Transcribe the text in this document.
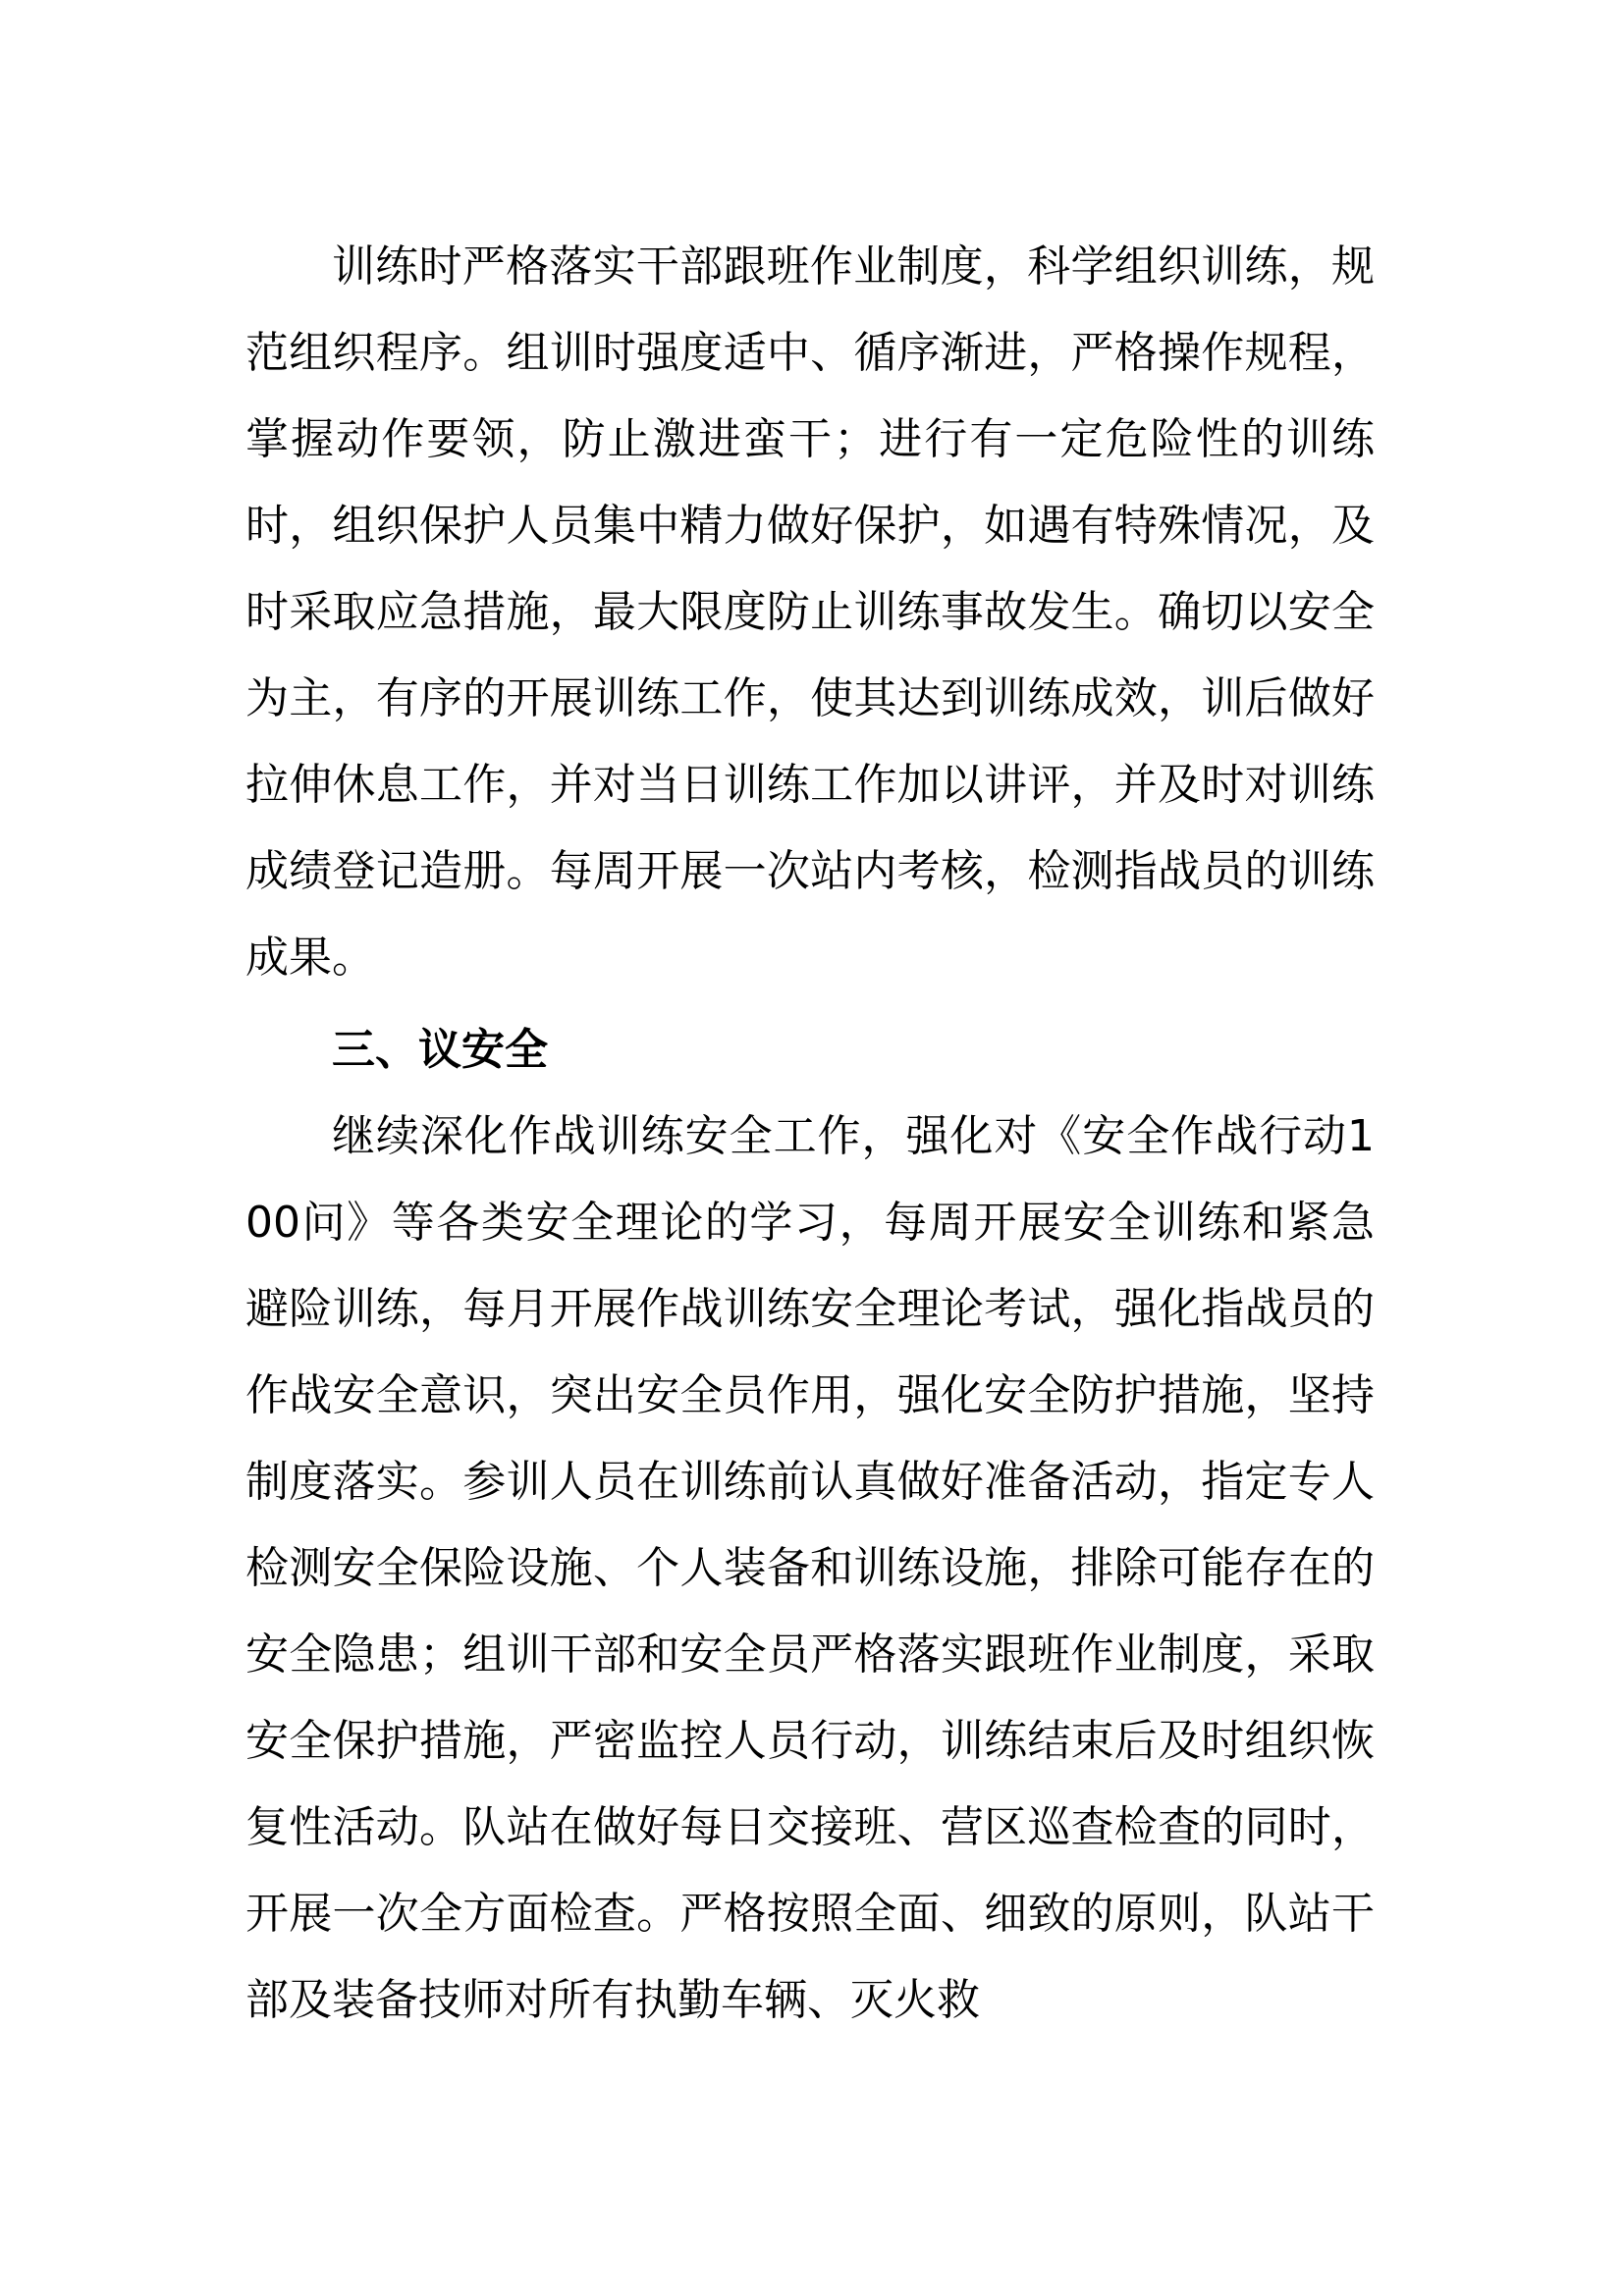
训练时严格落实干部跟班作业制度，科学组织训练，规范组织程序。组训时强度适中、循序渐进，严格操作规程，掌握动作要领，防止激进蛮干；进行有一定危险性的训练时，组织保护人员集中精力做好保护，如遇有特殊情况，及时采取应急措施，最大限度防止训练事故发生。确切以安全为主，有序的开展训练工作，使其达到训练成效，训后做好拉伸休息工作，并对当日训练工作加以讲评，并及时对训练成绩登记造册。每周开展一次站内考核，检测指战员的训练成果。

三、议安全

继续深化作战训练安全工作，强化对《安全作战行动100问》等各类安全理论的学习，每周开展安全训练和紧急避险训练，每月开展作战训练安全理论考试，强化指战员的作战安全意识，突出安全员作用，强化安全防护措施，坚持制度落实。参训人员在训练前认真做好准备活动，指定专人检测安全保险设施、个人装备和训练设施，排除可能存在的安全隐患；组训干部和安全员严格落实跟班作业制度，采取安全保护措施，严密监控人员行动，训练结束后及时组织恢复性活动。队站在做好每日交接班、营区巡查检查的同时，开展一次全方面检查。严格按照全面、细致的原则，队站干部及装备技师对所有执勤车辆、灭火救
